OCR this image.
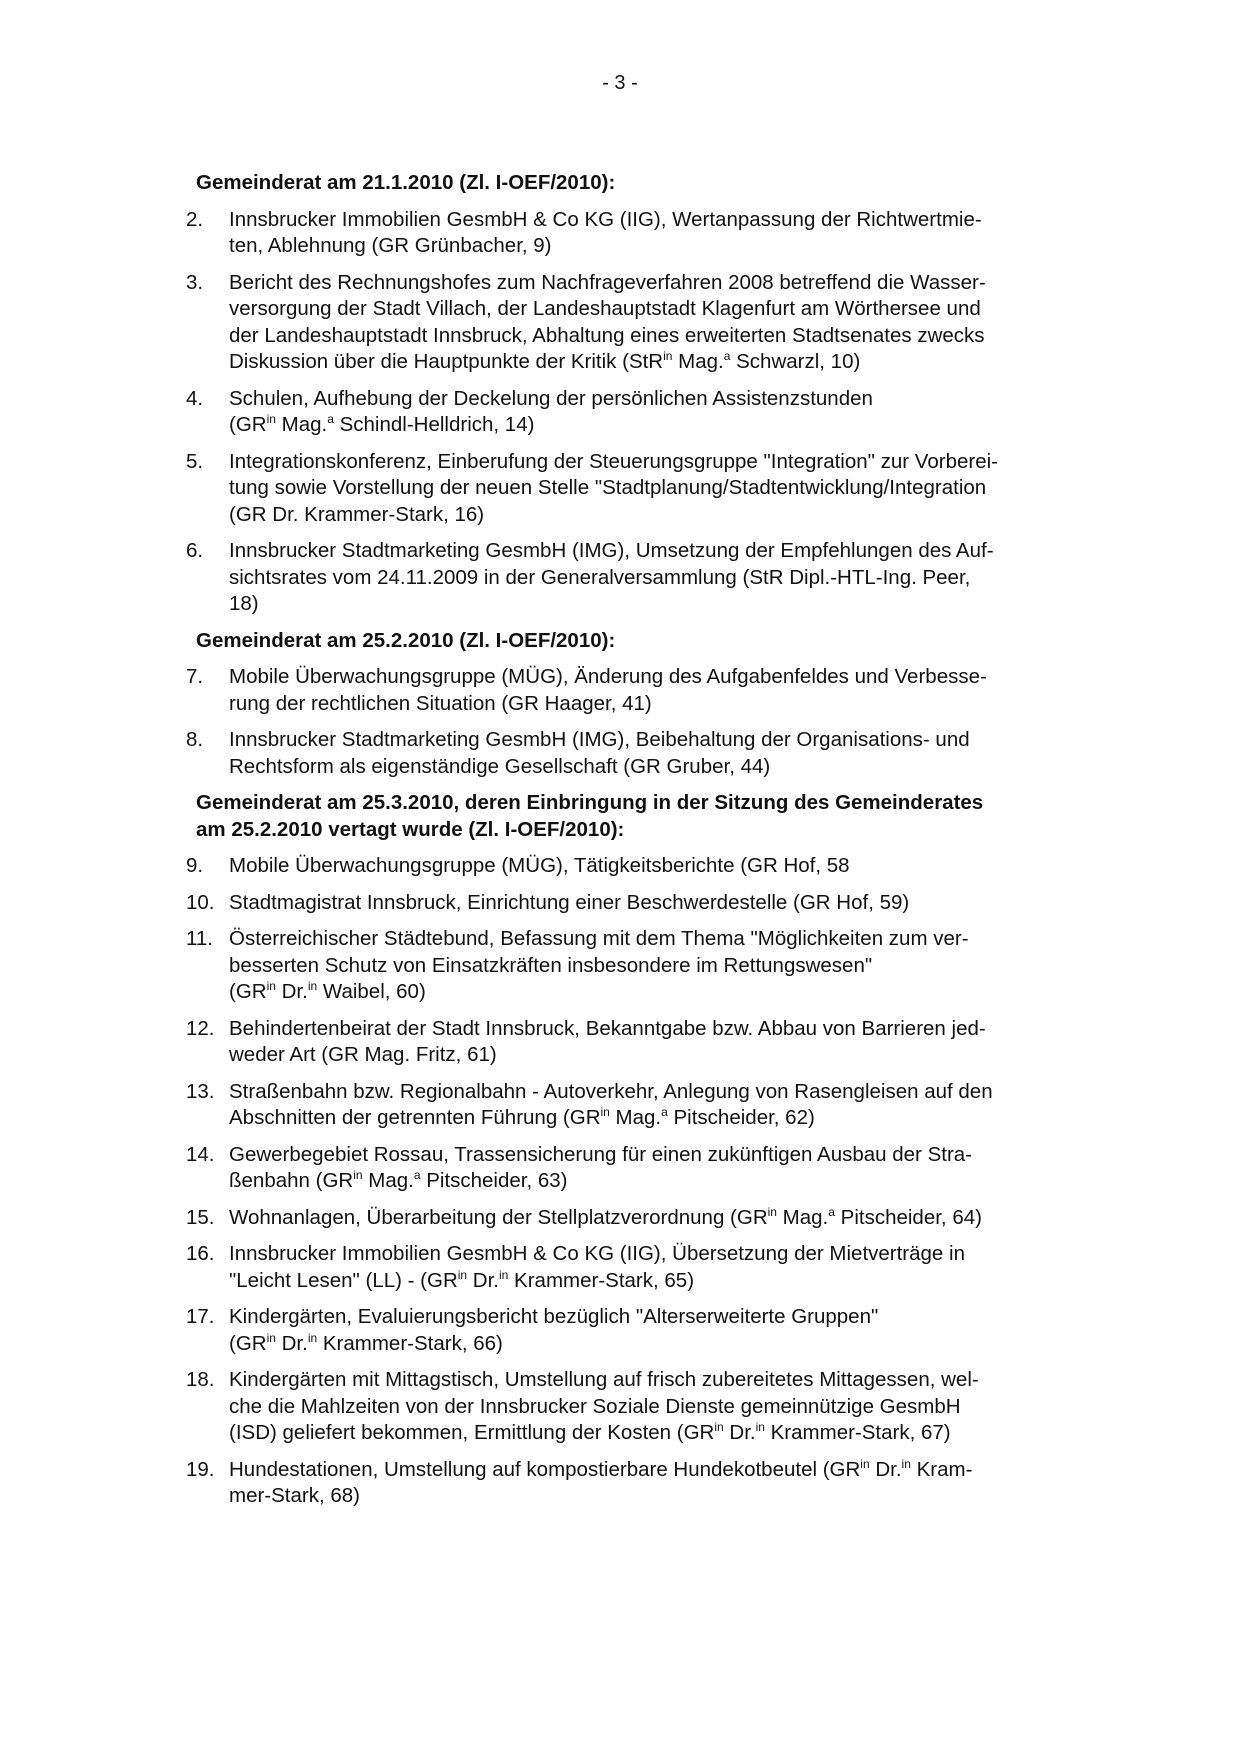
- 3 -
Gemeinderat am 21.1.2010 (Zl. I-OEF/2010):
2.	Innsbrucker Immobilien GesmbH & Co KG (IIG), Wertanpassung der Richtwertmie-
ten, Ablehnung (GR Grünbacher, 9)
3.	Bericht des Rechnungshofes zum Nachfrageverfahren 2008 betreffend die Wasser-
versorgung der Stadt Villach, der Landeshauptstadt Klagenfurt am Wörthersee und
der Landeshauptstadt Innsbruck, Abhaltung eines erweiterten Stadtsenates zwecks
Diskussion über die Hauptpunkte der Kritik (StR$^{in}$ Mag.$^a$ Schwarzl, 10)
4.	Schulen, Aufhebung der Deckelung der persönlichen Assistenzstunden
($GR^{in}$ Mag.$^a$ Schindl-Helldrich, 14)
5.	Integrationskonferenz, Einberufung der Steuerungsgruppe "Integration" zur Vorberei-
tung sowie Vorstellung der neuen Stelle "Stadtplanung/Stadtentwicklung/Integration
(GR Dr. Krammer-Stark, 16)
6.	Innsbrucker Stadtmarketing GesmbH (IMG), Umsetzung der Empfehlungen des Auf-
sichtsrates vom 24.11.2009 in der Generalversammlung (StR Dipl.-HTL-Ing. Peer,
18)
Gemeinderat am 25.2.2010 (Zl. I-OEF/2010):
7.	Mobile Überwachungsgruppe (MÜG), Änderung des Aufgabenfeldes und Verbesse-
rung der rechtlichen Situation (GR Haager, 41)
8.	Innsbrucker Stadtmarketing GesmbH (IMG), Beibehaltung der Organisations- und
Rechtsform als eigenständige Gesellschaft (GR Gruber, 44)
Gemeinderat am 25.3.2010, deren Einbringung in der Sitzung des Gemeinderates
am 25.2.2010 vertagt wurde (Zl. I-OEF/2010):
9.	Mobile Überwachungsgruppe (MÜG), Tätigkeitsberichte (GR Hof, 58
10. Stadtmagistrat Innsbruck, Einrichtung einer Beschwerdestelle (GR Hof, 59)
11. Österreichischer Städtebund, Befassung mit dem Thema "Möglichkeiten zum ver-
besserten Schutz von Einsatzkräften insbesondere im Rettungswesen"
($GR^{in}$ Dr.$^{in}$ Waibel, 60)
12. Behindertenbeirat der Stadt Innsbruck, Bekanntgabe bzw. Abbau von Barrieren jed-
weder Art (GR Mag. Fritz, 61)
13. Straßenbahn bzw. Regionalbahn - Autoverkehr, Anlegung von Rasengleisen auf den
Abschnitten der getrennten Führung ($GR^{in}$ Mag.$^a$ Pitscheider, 62)
14. Gewerbegebiet Rossau, Trassensicherung für einen zukünftigen Ausbau der Stra-
ßenbahn ($GR^{in}$ Mag.$^a$ Pitscheider, 63)
15. Wohnanlagen, Überarbeitung der Stellplatzverordnung ($GR^{in}$ Mag.$^a$ Pitscheider, 64)
16. Innsbrucker Immobilien GesmbH & Co KG (IIG), Übersetzung der Mietverträge in
"Leicht Lesen" $(LL) - (GR^{in}$ Dr.$^{in}$ Krammer-Stark, 65)
17. Kindergärten, Evaluierungsbericht bezüglich "Alterserweiterte Gruppen"
($GR^{in}$ Dr.$^{in}$ Krammer-Stark, 66)
18. Kindergärten mit Mittagstisch, Umstellung auf frisch zubereitetes Mittagessen, wel-
che die Mahlzeiten von der Innsbrucker Soziale Dienste gemeinnützige GesmbH
(ISD) geliefert bekommen, Ermittlung der Kosten ($GR^{in}$ Dr.$^{in}$ Krammer-Stark, 67)
19. Hundestationen, Umstellung auf kompostierbare Hundekotbeutel ($GR^{in}$ Dr.$^{in}$ Kram-
mer-Stark, 68)
